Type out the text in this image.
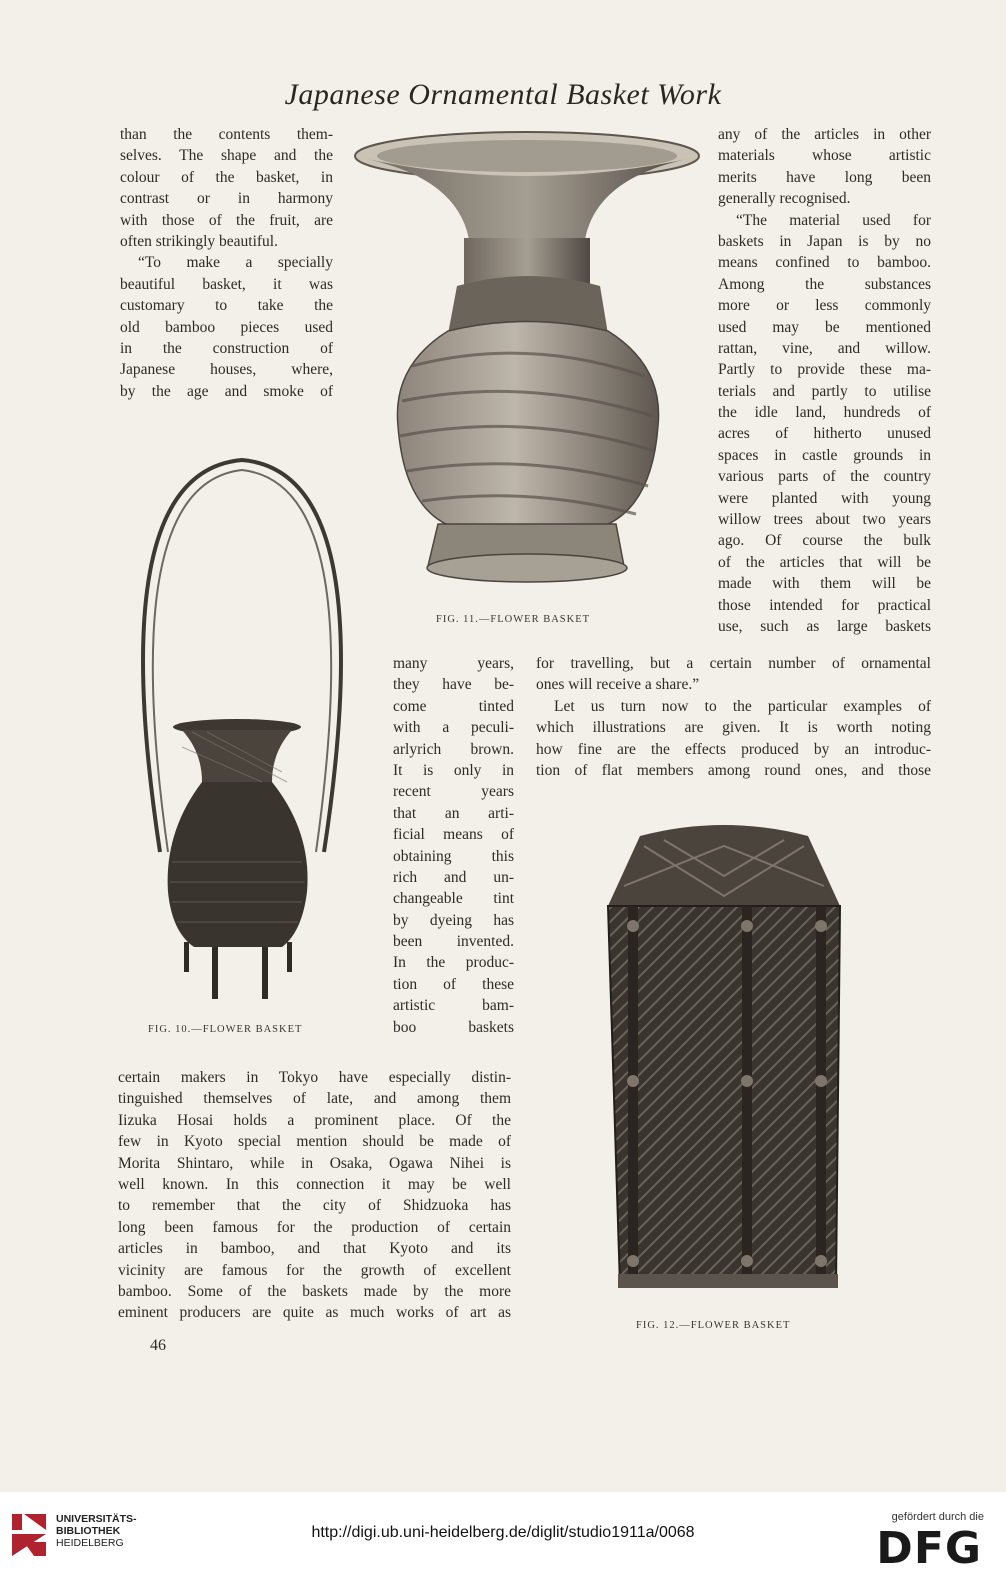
Japanese Ornamental Basket Work
FIG. 11.—FLOWER BASKET
FIG. 10.—FLOWER BASKET
FIG. 12.—FLOWER BASKET
than the contents them-
selves. The shape and the
colour of the basket, in
contrast or in harmony
with those of the fruit, are
often strikingly beautiful.
“To make a specially
beautiful basket, it was
customary to take the
old bamboo pieces used
in the construction of
Japanese houses, where,
by the age and smoke of
any of the articles in other
materials whose artistic
merits have long been
generally recognised.
“The material used for
baskets in Japan is by no
means confined to bamboo.
Among the substances
more or less commonly
used may be mentioned
rattan, vine, and willow.
Partly to provide these ma-
terials and partly to utilise
the idle land, hundreds of
acres of hitherto unused
spaces in castle grounds in
various parts of the country
were planted with young
willow trees about two years
ago. Of course the bulk
of the articles that will be
made with them will be
those intended for practical
use, such as large baskets
for travelling, but a certain number of ornamental
ones will receive a share.”
Let us turn now to the particular examples of
which illustrations are given. It is worth noting
how fine are the effects produced by an introduc-
tion of flat members among round ones, and those
many years,
they have be-
come tinted
with a peculi-
arlyrich brown.
It is only in
recent years
that an arti-
ficial means of
obtaining this
rich and un-
changeable tint
by dyeing has
been invented.
In the produc-
tion of these
artistic bam-
boo baskets
certain makers in Tokyo have especially distin-
tinguished themselves of late, and among them
Iizuka Hosai holds a prominent place. Of the
few in Kyoto special mention should be made of
Morita Shintaro, while in Osaka, Ogawa Nihei is
well known. In this connection it may be well
to remember that the city of Shidzuoka has
long been famous for the production of certain
articles in bamboo, and that Kyoto and its
vicinity are famous for the growth of excellent
bamboo. Some of the baskets made by the more
eminent producers are quite as much works of art as
46
UNIVERSITÄTS-
BIBLIOTHEK
HEIDELBERG
http://digi.ub.uni-heidelberg.de/diglit/studio1911a/0068
gefördert durch die
DFG
